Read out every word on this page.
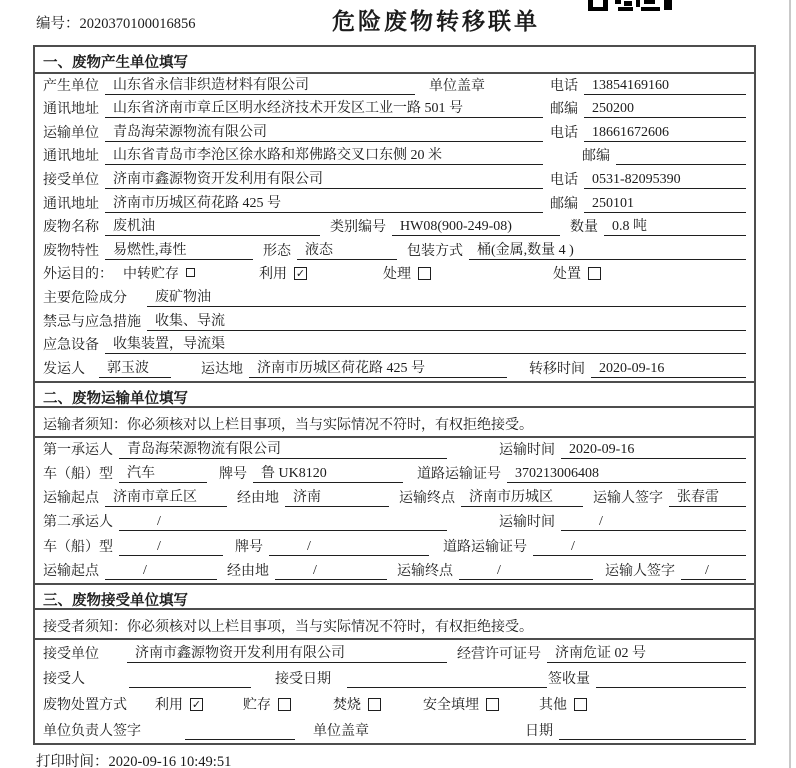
编号：2020370100016856	危险废物转移联单
一、废物产生单位填写
产生单位	山东省永信非织造材料有限公司	单位盖章	电话	13854169160
通讯地址	山东省济南市章丘区明水经济技术开发区工业一路 501 号	邮编	250200
运输单位	青岛海荣源物流有限公司	电话	18661672606
通讯地址	山东省青岛市李沧区徐水路和郑佛路交叉口东侧 20 米	邮编
接受单位	济南市鑫源物资开发利用有限公司	电话	0531-82095390
通讯地址	济南市历城区荷花路 425 号	邮编	250101
废物名称	废机油	类别编号	HW08(900-249-08)	数量	0.8 吨
废物特性	易燃性,毒性	形态	液态	包装方式	桶(金属,数量 4 )
外运目的： 中转贮存	利用 ✓	处理	处置
主要危险成分	废矿物油
禁忌与应急措施	收集、导流
应急设备	收集装置，导流渠
发运人	郭玉波	运达地	济南市历城区荷花路 425 号	转移时间	2020-09-16
二、废物运输单位填写
运输者须知：你必须核对以上栏目事项，当与实际情况不符时，有权拒绝接受。
第一承运人	青岛海荣源物流有限公司	运输时间	2020-09-16
车（船）型	汽车	牌号	鲁 UK8120	道路运输证号	370213006408
运输起点	济南市章丘区	经由地	济南	运输终点	济南市历城区	运输人签字	张春雷
第二承运人	/	运输时间	/
车（船）型	/	牌号	/	道路运输证号	/
运输起点	/	经由地	/	运输终点	/	运输人签字	/
三、废物接受单位填写
接受者须知：你必须核对以上栏目事项，当与实际情况不符时，有权拒绝接受。
接受单位	济南市鑫源物资开发利用有限公司	经营许可证号	济南危证 02 号
接受人	接受日期	签收量
废物处置方式 利用 ✓	贮存	焚烧	安全填埋	其他
单位负责人签字	单位盖章	日期
打印时间：2020-09-16 10:49:51
